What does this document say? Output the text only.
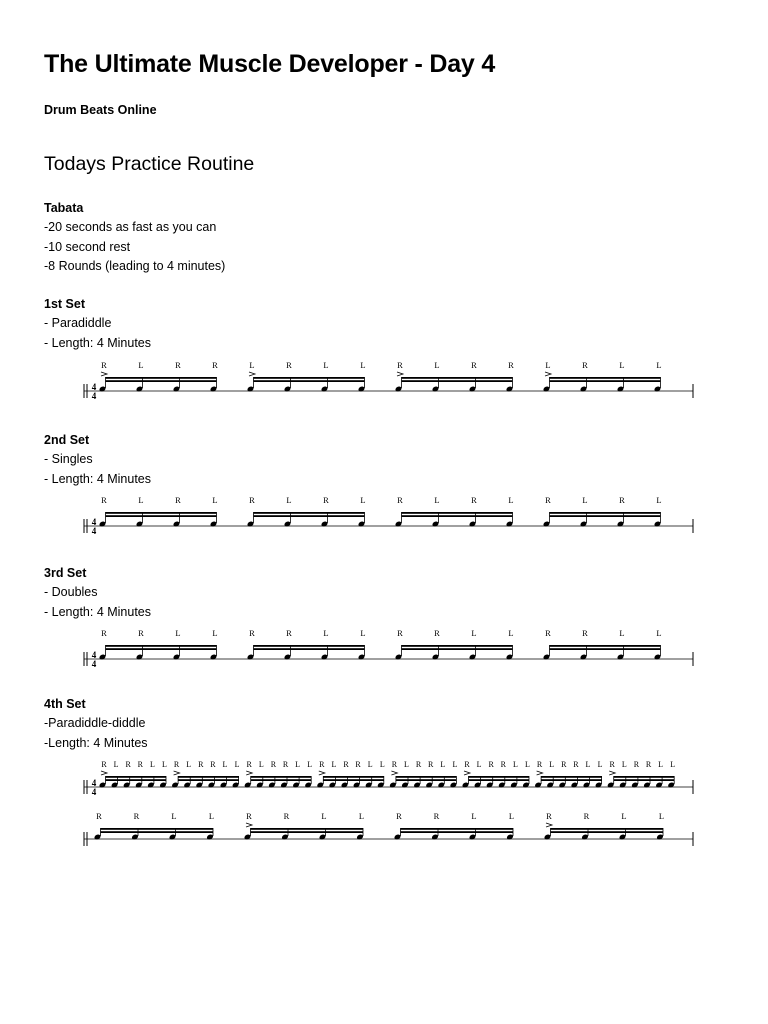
The Ultimate Muscle Developer - Day 4
Drum Beats Online
Todays Practice Routine
Tabata
-20 seconds as fast as you can
-10 second rest
-8 Rounds (leading to 4 minutes)
1st Set
- Paradiddle
- Length: 4 Minutes
4
4
R	L	R	R	L	R	L	L	R	L	R	R	L	R	L	L
2nd Set
- Singles
- Length: 4 Minutes
4
4
R	L	R	L	R	L	R	L	R	L	R	L	R	L	R	L
3rd Set
- Doubles
- Length: 4 Minutes
4
4
R	R	L	L	R	R	L	L	R	R	L	L	R	R	L	L
4th Set
-Paradiddle-diddle
-Length: 4 Minutes
4
4
R L R R L L R L R R L L R L R R L L R L R R L L R L R R L L R L R R L L R L R R L L R L R R L L
R	R	L	L	R	R	L	L	R	R	L	L	R	R	L	L
